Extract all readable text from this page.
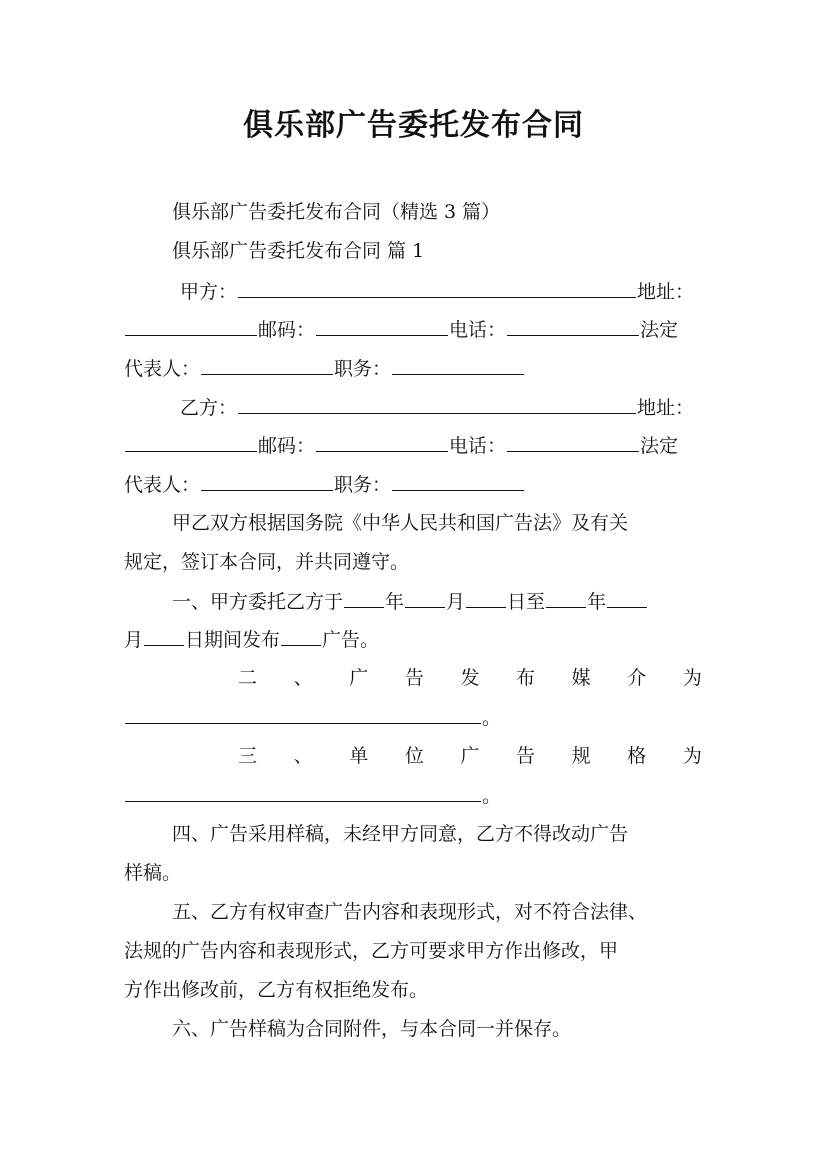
俱乐部广告委托发布合同
俱乐部广告委托发布合同（精选 3 篇）
俱乐部广告委托发布合同 篇 1
甲方：	地址：
邮码：	电话：	法定
代表人：	职务：
乙方：	地址：
邮码：	电话：	法定
代表人：	职务：
甲乙双方根据国务院《中华人民共和国广告法》及有关
规定，签订本合同，并共同遵守。
一、甲方委托乙方于 年 月 日至 年
月 日期间发布 广告。
二 、 广 告 发 布 媒 介 为
。
三 、 单 位 广 告 规 格 为
。
四、广告采用样稿，未经甲方同意，乙方不得改动广告
样稿。
五、乙方有权审查广告内容和表现形式，对不符合法律、
法规的广告内容和表现形式，乙方可要求甲方作出修改，甲
方作出修改前，乙方有权拒绝发布。
六、广告样稿为合同附件，与本合同一并保存。
